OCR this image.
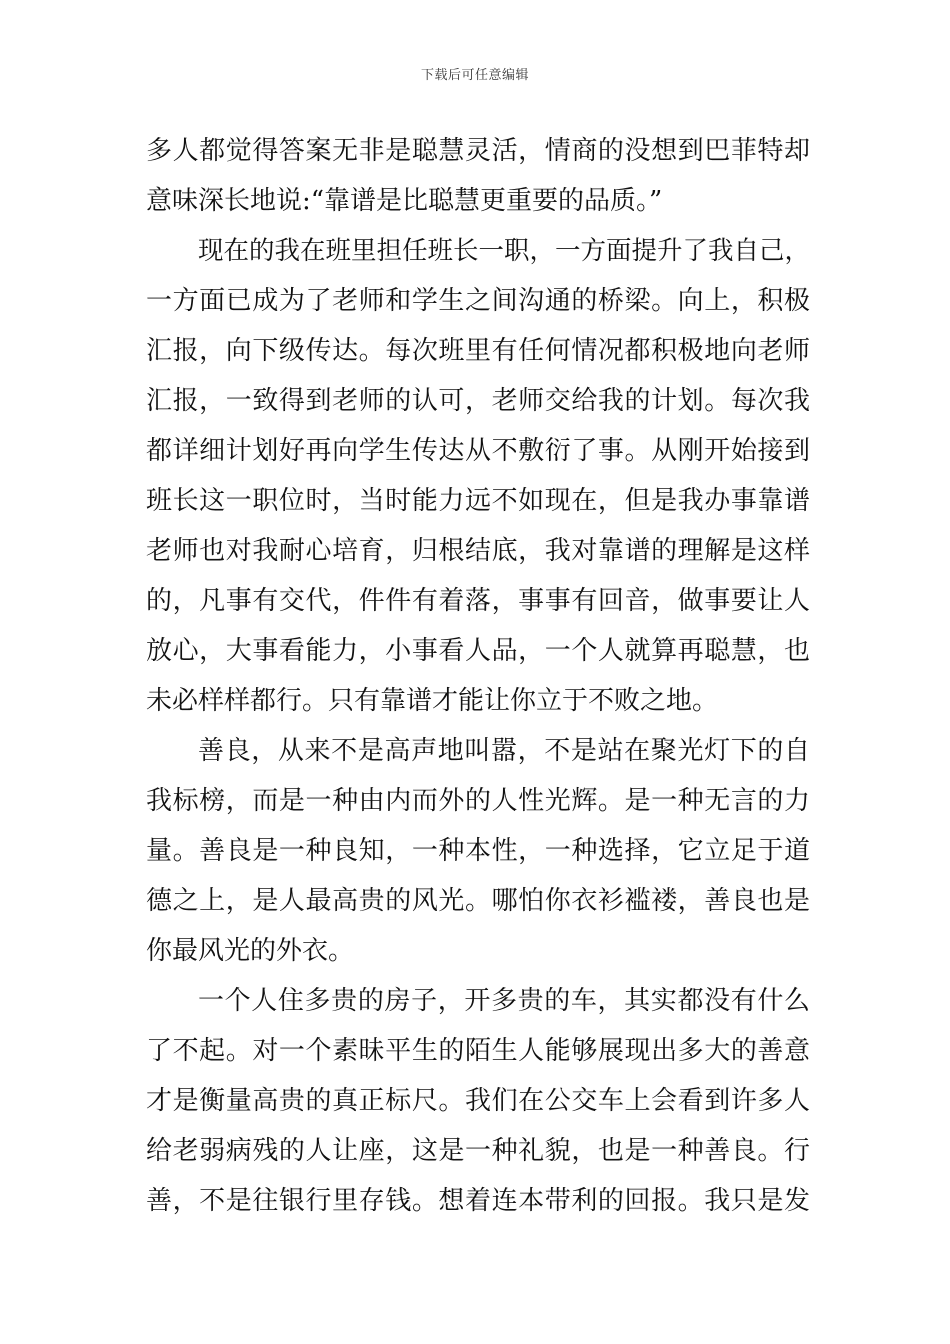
下载后可任意编辑
多人都觉得答案无非是聪慧灵活，情商的没想到巴菲特却
意味深长地说:“靠谱是比聪慧更重要的品质。”
现在的我在班里担任班长一职，一方面提升了我自己，
一方面已成为了老师和学生之间沟通的桥梁。向上，积极
汇报，向下级传达。每次班里有任何情况都积极地向老师
汇报，一致得到老师的认可，老师交给我的计划。每次我
都详细计划好再向学生传达从不敷衍了事。从刚开始接到
班长这一职位时，当时能力远不如现在，但是我办事靠谱
老师也对我耐心培育，归根结底，我对靠谱的理解是这样
的，凡事有交代，件件有着落，事事有回音，做事要让人
放心，大事看能力，小事看人品，一个人就算再聪慧，也
未必样样都行。只有靠谱才能让你立于不败之地。
善良，从来不是高声地叫嚣，不是站在聚光灯下的自
我标榜，而是一种由内而外的人性光辉。是一种无言的力
量。善良是一种良知，一种本性，一种选择，它立足于道
德之上，是人最高贵的风光。哪怕你衣衫褴褛，善良也是
你最风光的外衣。
一个人住多贵的房子，开多贵的车，其实都没有什么
了不起。对一个素昧平生的陌生人能够展现出多大的善意
才是衡量高贵的真正标尺。我们在公交车上会看到许多人
给老弱病残的人让座，这是一种礼貌，也是一种善良。行
善，不是往银行里存钱。想着连本带利的回报。我只是发
